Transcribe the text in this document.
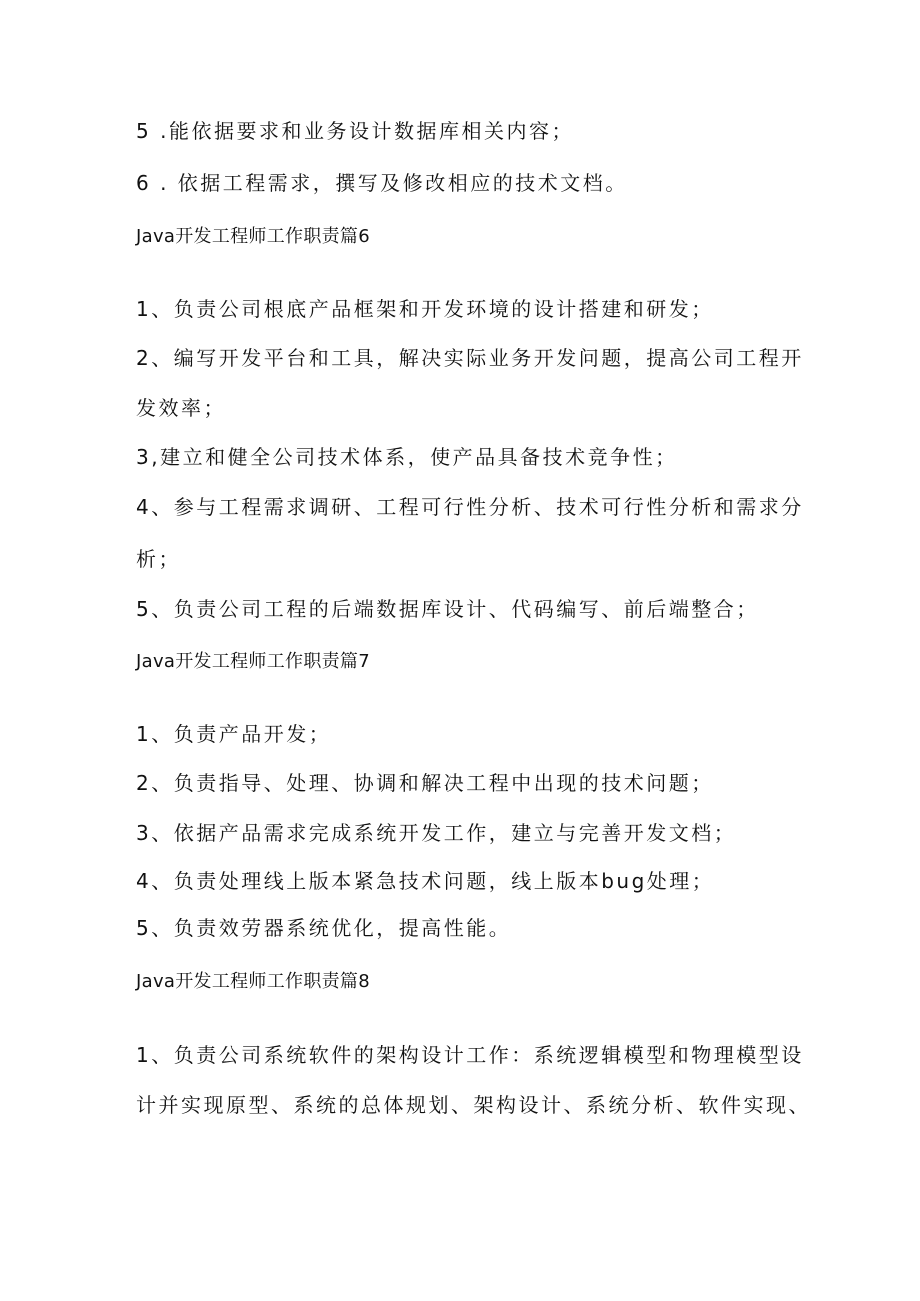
5 .能依据要求和业务设计数据库相关内容；
6 . 依据工程需求，撰写及修改相应的技术文档。
Java开发工程师工作职责篇6
1、负责公司根底产品框架和开发环境的设计搭建和研发；
2、编写开发平台和工具，解决实际业务开发问题，提高公司工程开
发效率；
3,建立和健全公司技术体系，使产品具备技术竞争性；
4、参与工程需求调研、工程可行性分析、技术可行性分析和需求分
析；
5、负责公司工程的后端数据库设计、代码编写、前后端整合；
Java开发工程师工作职责篇7
1、负责产品开发；
2、负责指导、处理、协调和解决工程中出现的技术问题；
3、依据产品需求完成系统开发工作，建立与完善开发文档；
4、负责处理线上版本紧急技术问题，线上版本bug处理；
5、负责效劳器系统优化，提高性能。
Java开发工程师工作职责篇8
1、负责公司系统软件的架构设计工作：系统逻辑模型和物理模型设
计并实现原型、系统的总体规划、架构设计、系统分析、软件实现、
